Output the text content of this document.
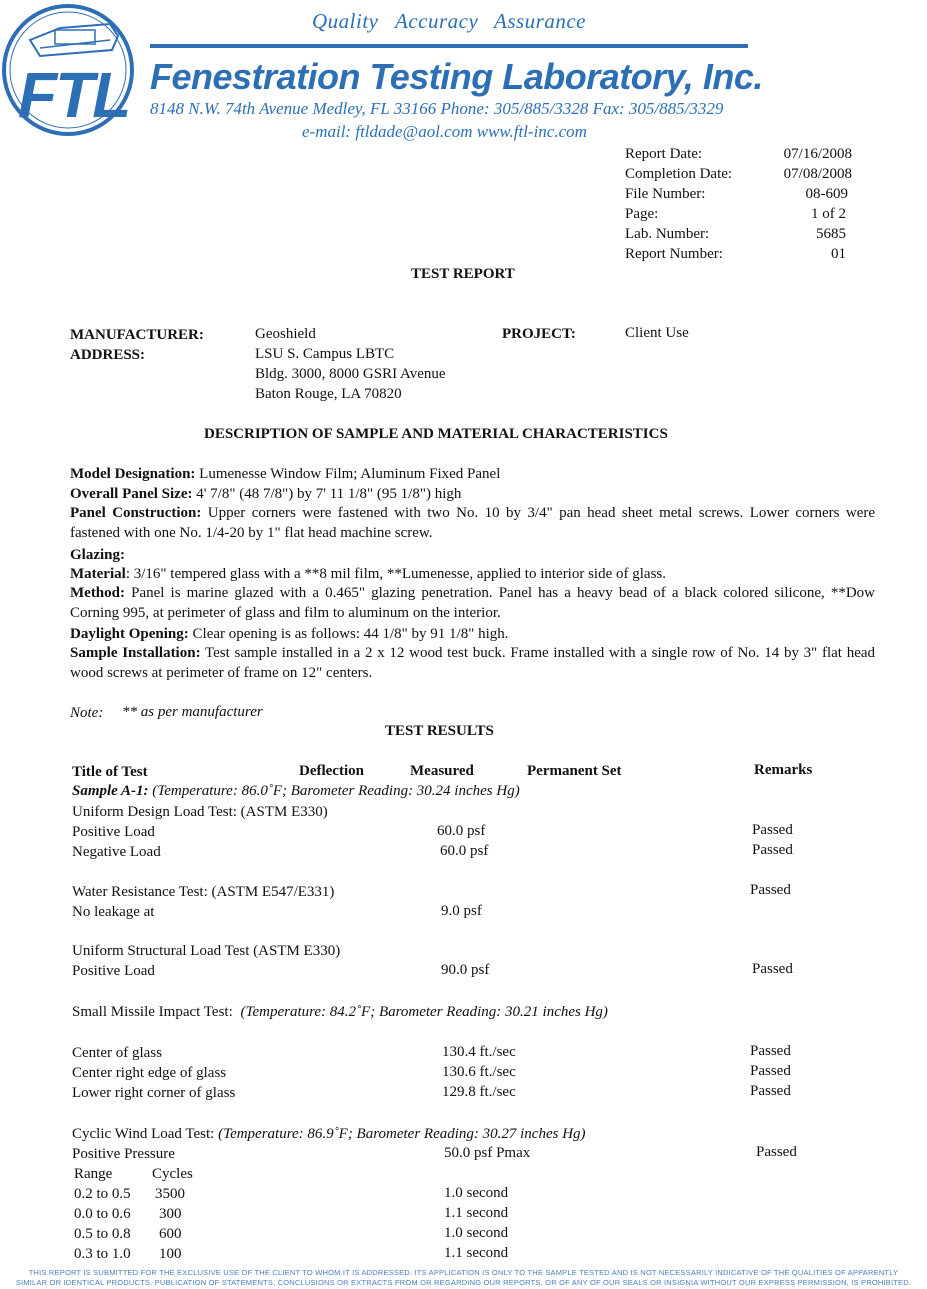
FTL
Quality Accuracy Assurance
Fenestration Testing Laboratory, Inc.
8148 N.W. 74th Avenue Medley, FL 33166 Phone: 305/885/3328 Fax: 305/885/3329
e-mail: ftldade@aol.com www.ftl-inc.com
Report Date:	07/16/2008
Completion Date:	07/08/2008
File Number:	08-609
Page:	1 of 2
Lab. Number:	5685
Report Number:	01
TEST REPORT
MANUFACTURER:	Geoshield
ADDRESS:	LSU S. Campus LBTC
Bldg. 3000, 8000 GSRI Avenue
Baton Rouge, LA 70820
PROJECT:	Client Use
DESCRIPTION OF SAMPLE AND MATERIAL CHARACTERISTICS
Model Designation: Lumenesse Window Film; Aluminum Fixed Panel
Overall Panel Size: 4' 7/8" (48 7/8") by 7' 11 1/8" (95 1/8") high
Panel Construction: Upper corners were fastened with two No. 10 by 3/4" pan head sheet metal screws. Lower corners were fastened with one No. 1/4-20 by 1" flat head machine screw.
Glazing:
Material: 3/16" tempered glass with a **8 mil film, **Lumenesse, applied to interior side of glass.
Method: Panel is marine glazed with a 0.465" glazing penetration. Panel has a heavy bead of a black colored silicone, **Dow Corning 995, at perimeter of glass and film to aluminum on the interior.
Daylight Opening: Clear opening is as follows: 44 1/8" by 91 1/8" high.
Sample Installation: Test sample installed in a 2 x 12 wood test buck. Frame installed with a single row of No. 14 by 3" flat head wood screws at perimeter of frame on 12" centers.
Note: ** as per manufacturer
TEST RESULTS
Title of Test	Deflection	Measured	Permanent Set	Remarks
Sample A-1: (Temperature: 86.0˚F; Barometer Reading: 30.24 inches Hg)
Uniform Design Load Test: (ASTM E330)
Positive Load	60.0 psf	Passed
Negative Load	60.0 psf	Passed
Water Resistance Test: (ASTM E547/E331)	Passed
No leakage at	9.0 psf
Uniform Structural Load Test (ASTM E330)
Positive Load	90.0 psf	Passed
Small Missile Impact Test: (Temperature: 84.2˚F; Barometer Reading: 30.21 inches Hg)
Center of glass	130.4 ft./sec	Passed
Center right edge of glass	130.6 ft./sec	Passed
Lower right corner of glass	129.8 ft./sec	Passed
Cyclic Wind Load Test: (Temperature: 86.9˚F; Barometer Reading: 30.27 inches Hg)
Positive Pressure	50.0 psf Pmax	Passed
Range	Cycles
0.2 to 0.5 3500	1.0 second
0.0 to 0.6 300	1.1 second
0.5 to 0.8 600	1.0 second
0.3 to 1.0 100	1.1 second
THIS REPORT IS SUBMITTED FOR THE EXCLUSIVE USE OF THE CLIENT TO WHOM IT IS ADDRESSED. ITS APPLICATION IS ONLY TO THE SAMPLE TESTED AND IS NOT NECESSARILY INDICATIVE OF THE QUALITIES OF APPARENTLY
SIMILAR OR IDENTICAL PRODUCTS. PUBLICATION OF STATEMENTS, CONCLUSIONS OR EXTRACTS FROM OR REGARDING OUR REPORTS, OR OF ANY OF OUR SEALS OR INSIGNIA WITHOUT OUR EXPRESS PERMISSION, IS PROHIBITED.
